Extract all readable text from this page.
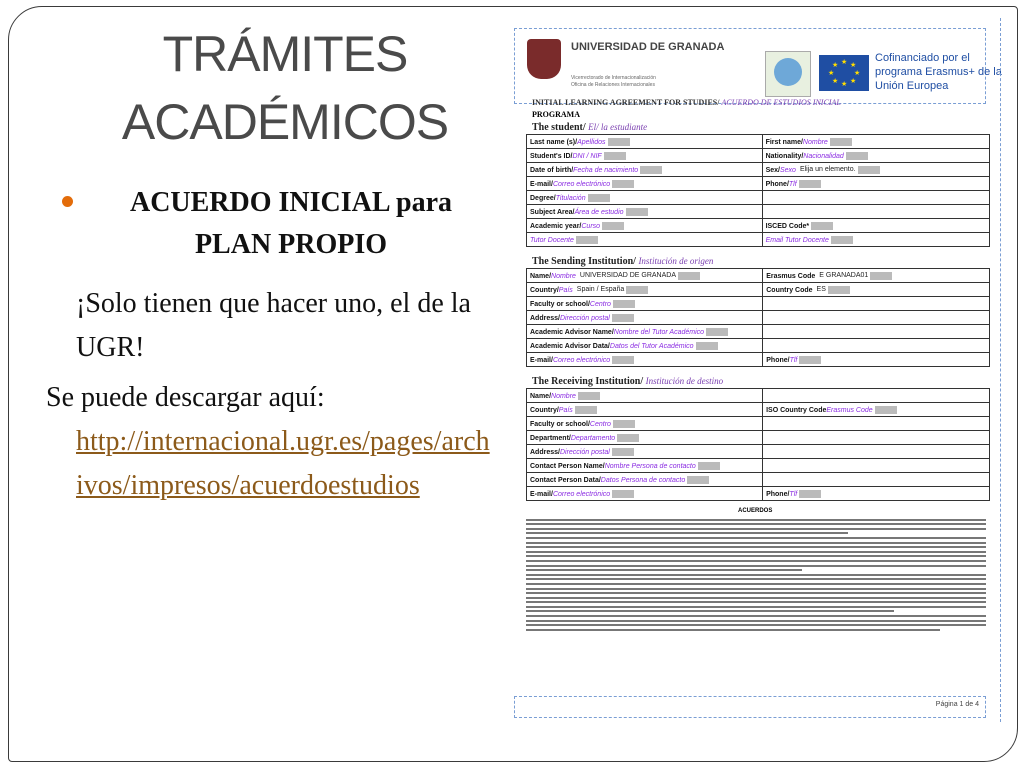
TRÁMITES
ACADÉMICOS
ACUERDO INICIAL para PLAN PROPIO
¡Solo tienen que hacer uno, el de la UGR!
Se puede descargar aquí:
http://internacional.ugr.es/pages/archivos/impresos/acuerdoestudios
UNIVERSIDAD DE GRANADA
Vicerrectorado de Internacionalización
Oficina de Relaciones Internacionales
★ ★
★
★
★
★
★
★
Cofinanciado por el programa Erasmus+ de la Unión Europea
INITIAL LEARNING AGREEMENT FOR STUDIES/ ACUERDO DE ESTUDIOS INICIAL
PROGRAMA
The student/ El/ la estudiante
Last name (s)/Apellidos	First name/Nombre
Student's ID/DNI / NIF	Nationality/Nacionalidad
Date of birth/Fecha de nacimiento	Sex/Sexo Elija un elemento.
E-mail/Correo electrónico	Phone/Tlf
Degree/Titulación	
Subject Area/Área de estudio	
Academic year/Curso	ISCED Code*
Tutor Docente	Email Tutor Docente
The Sending Institution/ Institución de origen
Name/Nombre UNIVERSIDAD DE GRANADA	Erasmus Code E GRANADA01
Country/País Spain / España	Country Code ES
Faculty or school/Centro	
Address/Dirección postal	
Academic Advisor Name/Nombre del Tutor Académico	
Academic Advisor Data/Datos del Tutor Académico	
E-mail/Correo electrónico	Phone/Tlf
The Receiving Institution/ Institución de destino
Name/Nombre	
Country/País	ISO Country CodeErasmus Code
Faculty or school/Centro	
Department/Departamento	
Address/Dirección postal	
Contact Person Name/Nombre Persona de contacto	
Contact Person Data/Datos Persona de contacto	
E-mail/Correo electrónico	Phone/Tlf
ACUERDOS
Página 1 de 4
